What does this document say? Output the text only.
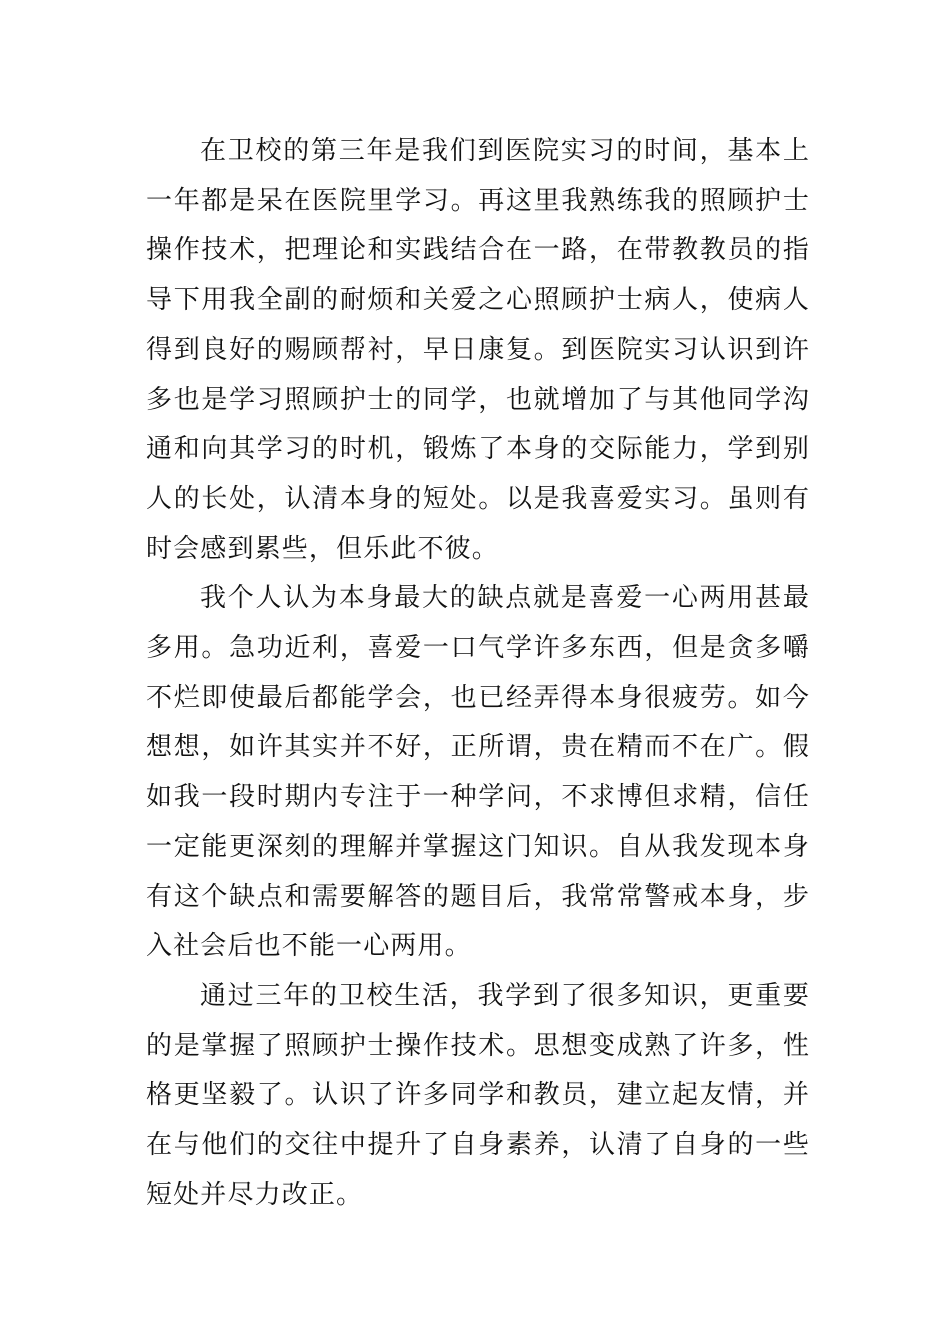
在卫校的第三年是我们到医院实习的时间，基本上一年都是呆在医院里学习。再这里我熟练我的照顾护士操作技术，把理论和实践结合在一路，在带教教员的指导下用我全副的耐烦和关爱之心照顾护士病人，使病人得到良好的赐顾帮衬，早日康复。到医院实习认识到许多也是学习照顾护士的同学，也就增加了与其他同学沟通和向其学习的时机，锻炼了本身的交际能力，学到别人的长处，认清本身的短处。以是我喜爱实习。虽则有时会感到累些，但乐此不彼。

我个人认为本身最大的缺点就是喜爱一心两用甚最多用。急功近利，喜爱一口气学许多东西，但是贪多嚼不烂即使最后都能学会，也已经弄得本身很疲劳。如今想想，如许其实并不好，正所谓，贵在精而不在广。假如我一段时期内专注于一种学问，不求博但求精，信任一定能更深刻的理解并掌握这门知识。自从我发现本身有这个缺点和需要解答的题目后，我常常警戒本身，步入社会后也不能一心两用。

通过三年的卫校生活，我学到了很多知识，更重要的是掌握了照顾护士操作技术。思想变成熟了许多，性格更坚毅了。认识了许多同学和教员，建立起友情，并在与他们的交往中提升了自身素养，认清了自身的一些短处并尽力改正。
